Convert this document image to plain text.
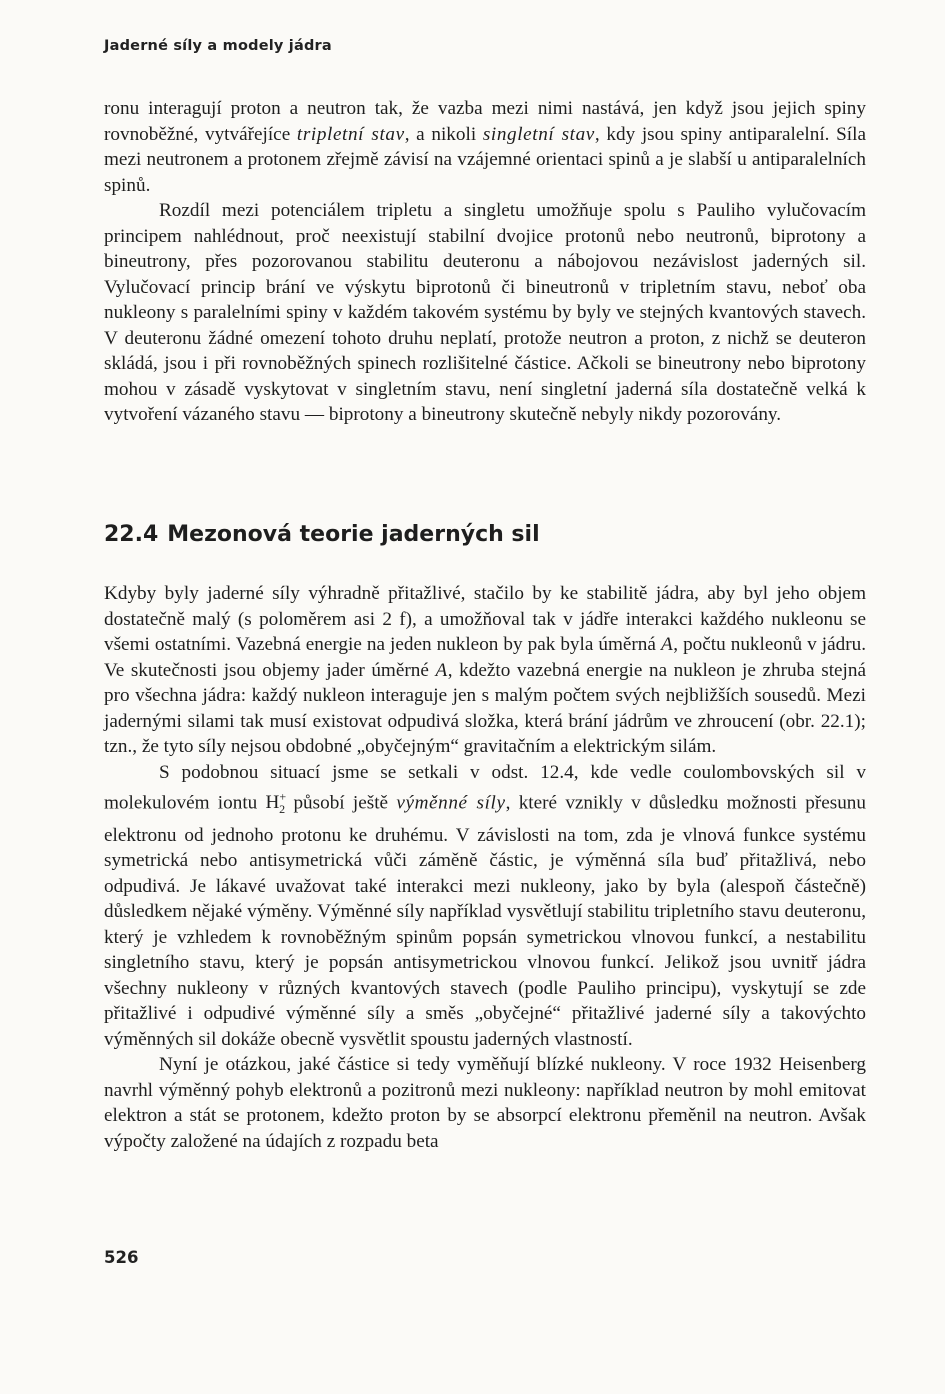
Jaderné síly a modely jádra

ronu interagují proton a neutron tak, že vazba mezi nimi nastává, jen když jsou jejich spiny rovnoběžné, vytvářejíce tripletní stav, a nikoli singletní stav, kdy jsou spiny antiparalelní. Síla mezi neutronem a protonem zřejmě závisí na vzájemné orientaci spinů a je slabší u antiparalelních spinů.

Rozdíl mezi potenciálem tripletu a singletu umožňuje spolu s Pauliho vylučovacím principem nahlédnout, proč neexistují stabilní dvojice protonů nebo neutronů, biprotony a bineutrony, přes pozorovanou stabilitu deuteronu a nábojovou nezávislost jaderných sil. Vylučovací princip brání ve výskytu biprotonů či bineutronů v tripletním stavu, neboť oba nukleony s paralelními spiny v každém takovém systému by byly ve stejných kvantových stavech. V deuteronu žádné omezení tohoto druhu neplatí, protože neutron a proton, z nichž se deuteron skládá, jsou i při rovnoběžných spinech rozlišitelné částice. Ačkoli se bineutrony nebo biprotony mohou v zásadě vyskytovat v singletním stavu, není singletní jaderná síla dostatečně velká k vytvoření vázaného stavu — biprotony a bineutrony skutečně nebyly nikdy pozorovány.

22.4 Mezonová teorie jaderných sil

Kdyby byly jaderné síly výhradně přitažlivé, stačilo by ke stabilitě jádra, aby byl jeho objem dostatečně malý (s poloměrem asi 2 f), a umožňoval tak v jádře interakci každého nukleonu se všemi ostatními. Vazebná energie na jeden nukleon by pak byla úměrná A, počtu nukleonů v jádru. Ve skutečnosti jsou objemy jader úměrné A, kdežto vazebná energie na nukleon je zhruba stejná pro všechna jádra: každý nukleon interaguje jen s malým počtem svých nejbližších sousedů. Mezi jadernými silami tak musí existovat odpudivá složka, která brání jádrům ve zhroucení (obr. 22.1); tzn., že tyto síly nejsou obdobné „obyčejným“ gravitačním a elektrickým silám.

S podobnou situací jsme se setkali v odst. 12.4, kde vedle coulombovských sil v molekulovém iontu $H^+_2$ působí ještě výměnné síly, které vznikly v důsledku možnosti přesunu elektronu od jednoho protonu ke druhému. V závislosti na tom, zda je vlnová funkce systému symetrická nebo antisymetrická vůči záměně částic, je výměnná síla buď přitažlivá, nebo odpudivá. Je lákavé uvažovat také interakci mezi nukleony, jako by byla (alespoň částečně) důsledkem nějaké výměny. Výměnné síly například vysvětlují stabilitu tripletního stavu deuteronu, který je vzhledem k rovnoběžným spinům popsán symetrickou vlnovou funkcí, a nestabilitu singletního stavu, který je popsán antisymetrickou vlnovou funkcí. Jelikož jsou uvnitř jádra všechny nukleony v různých kvantových stavech (podle Pauliho principu), vyskytují se zde přitažlivé i odpudivé výměnné síly a směs „obyčejné“ přitažlivé jaderné síly a takovýchto výměnných sil dokáže obecně vysvětlit spoustu jaderných vlastností.

Nyní je otázkou, jaké částice si tedy vyměňují blízké nukleony. V roce 1932 Heisenberg navrhl výměnný pohyb elektronů a pozitronů mezi nukleony: například neutron by mohl emitovat elektron a stát se protonem, kdežto proton by se absorpcí elektronu přeměnil na neutron. Avšak výpočty založené na údajích z rozpadu beta

526
